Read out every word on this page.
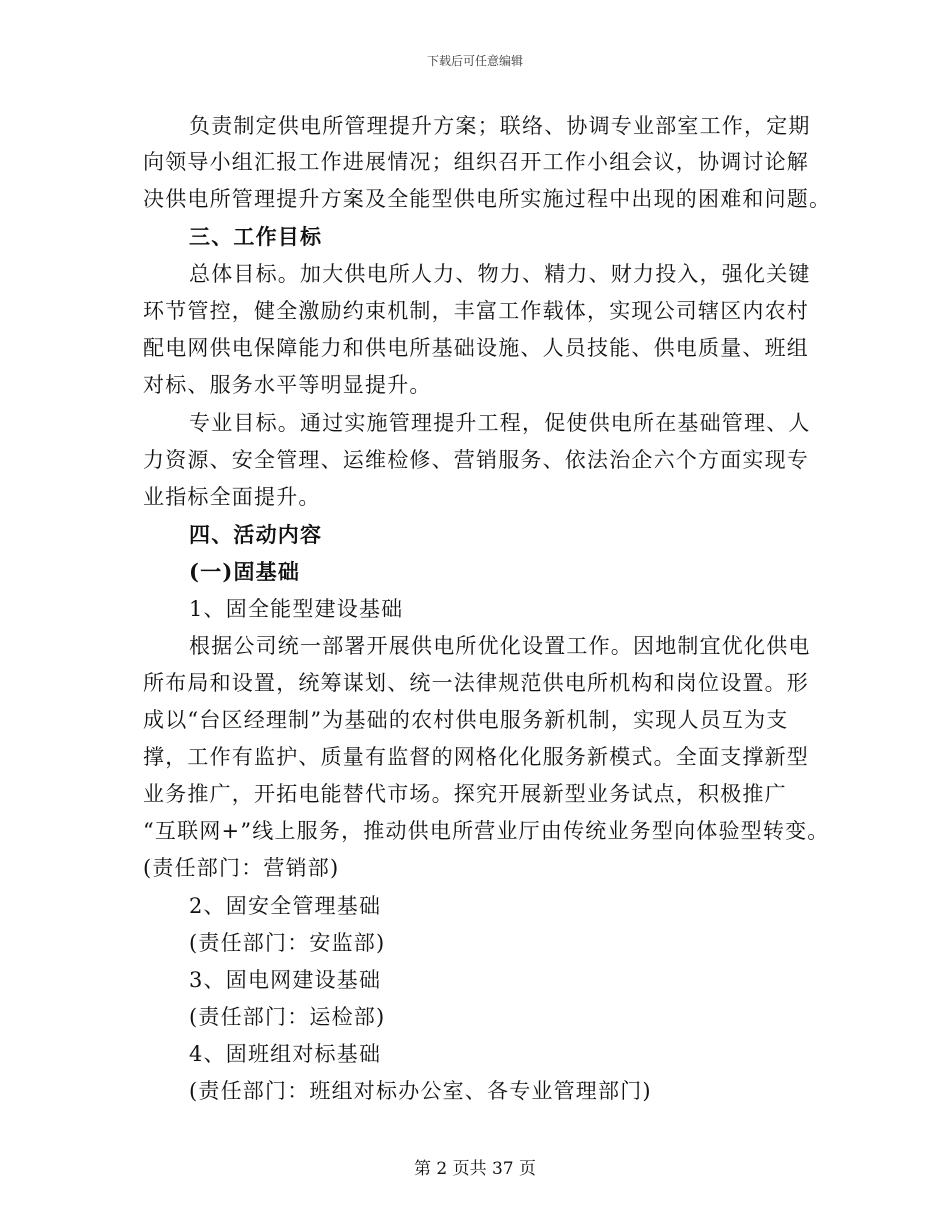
下载后可任意编辑
负责制定供电所管理提升方案；联络、协调专业部室工作，定期
向领导小组汇报工作进展情况；组织召开工作小组会议，协调讨论解
决供电所管理提升方案及全能型供电所实施过程中出现的困难和问题。
三、工作目标
总体目标。加大供电所人力、物力、精力、财力投入，强化关键
环节管控，健全激励约束机制，丰富工作载体，实现公司辖区内农村
配电网供电保障能力和供电所基础设施、人员技能、供电质量、班组
对标、服务水平等明显提升。
专业目标。通过实施管理提升工程，促使供电所在基础管理、人
力资源、安全管理、运维检修、营销服务、依法治企六个方面实现专
业指标全面提升。
四、活动内容
(一)固基础
1、固全能型建设基础
根据公司统一部署开展供电所优化设置工作。因地制宜优化供电
所布局和设置，统筹谋划、统一法律规范供电所机构和岗位设置。形
成以“台区经理制”为基础的农村供电服务新机制，实现人员互为支
撑，工作有监护、质量有监督的网格化化服务新模式。全面支撑新型
业务推广，开拓电能替代市场。探究开展新型业务试点，积极推广
“互联网+”线上服务，推动供电所营业厅由传统业务型向体验型转变。
(责任部门：营销部)
2、固安全管理基础
(责任部门：安监部)
3、固电网建设基础
(责任部门：运检部)
4、固班组对标基础
(责任部门：班组对标办公室、各专业管理部门)
第 2 页共 37 页
